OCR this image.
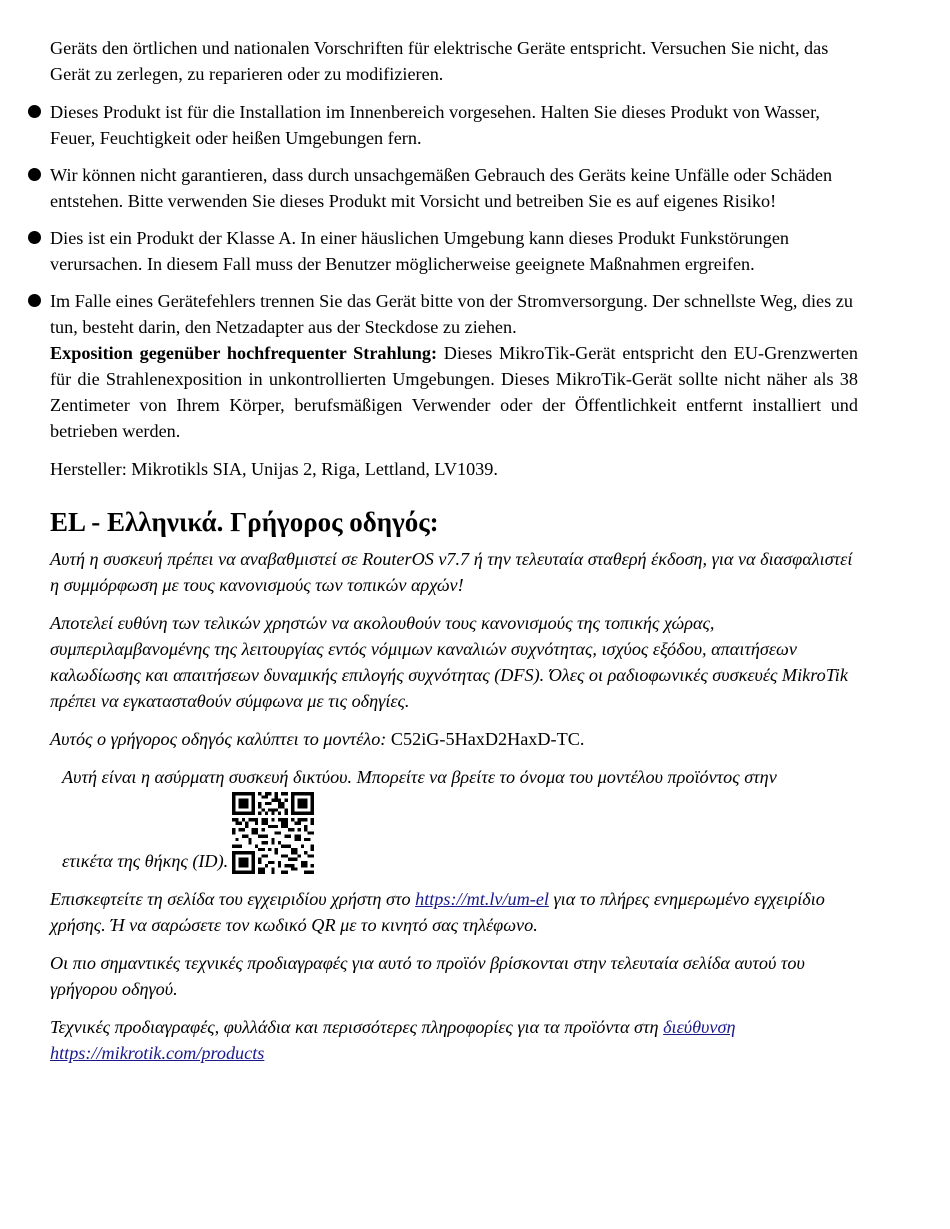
Geräts den örtlichen und nationalen Vorschriften für elektrische Geräte entspricht. Versuchen Sie nicht, das Gerät zu zerlegen, zu reparieren oder zu modifizieren.

Dieses Produkt ist für die Installation im Innenbereich vorgesehen. Halten Sie dieses Produkt von Wasser, Feuer, Feuchtigkeit oder heißen Umgebungen fern.

Wir können nicht garantieren, dass durch unsachgemäßen Gebrauch des Geräts keine Unfälle oder Schäden entstehen. Bitte verwenden Sie dieses Produkt mit Vorsicht und betreiben Sie es auf eigenes Risiko!

Dies ist ein Produkt der Klasse A. In einer häuslichen Umgebung kann dieses Produkt Funkstörungen verursachen. In diesem Fall muss der Benutzer möglicherweise geeignete Maßnahmen ergreifen.

Im Falle eines Gerätefehlers trennen Sie das Gerät bitte von der Stromversorgung. Der schnellste Weg, dies zu tun, besteht darin, den Netzadapter aus der Steckdose zu ziehen.

Exposition gegenüber hochfrequenter Strahlung: Dieses MikroTik-Gerät entspricht den EU-Grenzwerten für die Strahlenexposition in unkontrollierten Umgebungen. Dieses MikroTik-Gerät sollte nicht näher als 38 Zentimeter von Ihrem Körper, berufsmäßigen Verwender oder der Öffentlichkeit entfernt installiert und betrieben werden.

Hersteller: Mikrotikls SIA, Unijas 2, Riga, Lettland, LV1039.

EL - Ελληνικά. Γρήγορος οδηγός:

Αυτή η συσκευή πρέπει να αναβαθμιστεί σε RouterOS v7.7 ή την τελευταία σταθερή έκδοση, για να διασφαλιστεί η συμμόρφωση με τους κανονισμούς των τοπικών αρχών!

Αποτελεί ευθύνη των τελικών χρηστών να ακολουθούν τους κανονισμούς της τοπικής χώρας, συμπεριλαμβανομένης της λειτουργίας εντός νόμιμων καναλιών συχνότητας, ισχύος εξόδου, απαιτήσεων καλωδίωσης και απαιτήσεων δυναμικής επιλογής συχνότητας (DFS). Όλες οι ραδιοφωνικές συσκευές MikroTik πρέπει να εγκατασταθούν σύμφωνα με τις οδηγίες.

Αυτός ο γρήγορος οδηγός καλύπτει το μοντέλο: C52iG-5HaxD2HaxD-TC.

Αυτή είναι η ασύρματη συσκευή δικτύου. Μπορείτε να βρείτε το όνομα του μοντέλου προϊόντος στην

ετικέτα της θήκης (ID).

Επισκεφτείτε τη σελίδα του εγχειριδίου χρήστη στο https://mt.lv/um-el για το πλήρες ενημερωμένο εγχειρίδιο χρήσης. Ή να σαρώσετε τον κωδικό QR με το κινητό σας τηλέφωνο.

Οι πιο σημαντικές τεχνικές προδιαγραφές για αυτό το προϊόν βρίσκονται στην τελευταία σελίδα αυτού του γρήγορου οδηγού.

Τεχνικές προδιαγραφές, φυλλάδια και περισσότερες πληροφορίες για τα προϊόντα στη διεύθυνση
https://mikrotik.com/products
